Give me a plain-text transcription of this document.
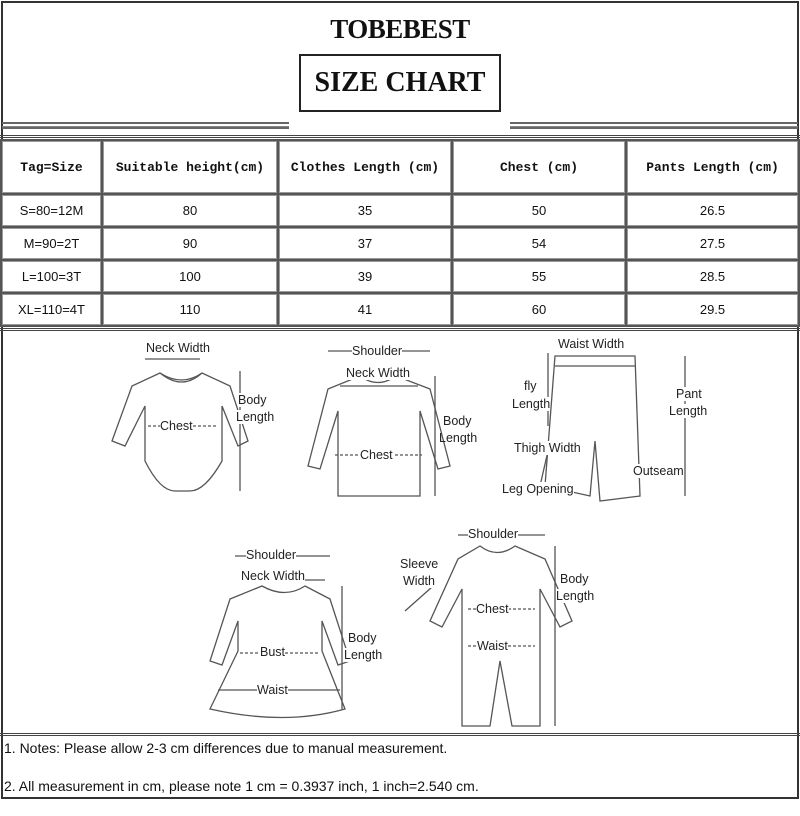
TOBEBEST
SIZE CHART
Tag=Size	Suitable height(cm)	Clothes Length (cm)	Chest (cm)	Pants Length (cm)
S=80=12M	80	35	50	26.5
M=90=2T	90	37	54	27.5
L=100=3T	100	39	55	28.5
XL=110=4T	110	41	60	29.5
Neck Width
Chest
Body
Length
Shoulder
Neck Width
Chest
Body
Length
Waist Width
fly
Length
Thigh Width
Leg Opening
Pant
Length
Outseam
Shoulder
Neck Width
Bust
Waist
Body
Length
Shoulder
Sleeve
Width
Chest
Waist
Body
Length
1. Notes: Please allow 2-3 cm differences due to manual measurement.
2. All measurement in cm, please note 1 cm = 0.3937 inch, 1 inch=2.540 cm.
